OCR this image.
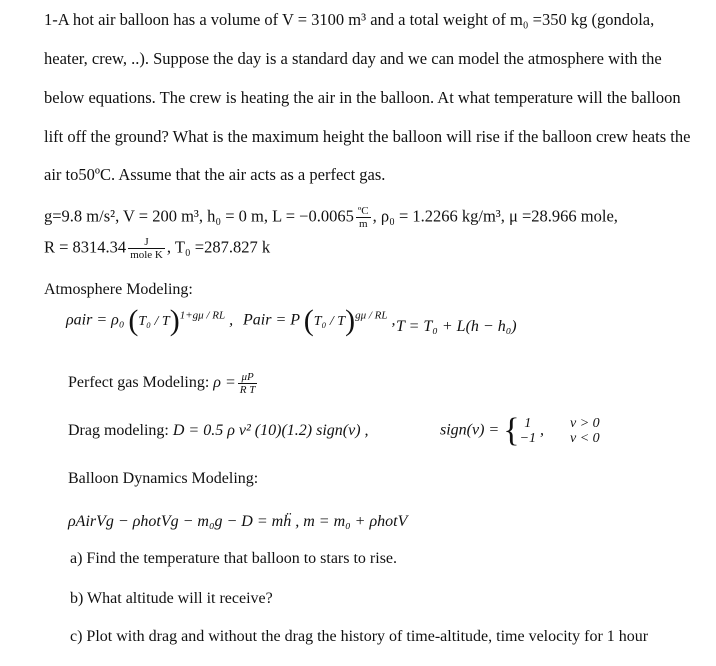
1-A hot air balloon has a volume of V = 3100 m³ and a total weight of m₀ =350 kg (gondola,
heater, crew, ..). Suppose the day is a standard day and we can model the atmosphere with the
below equations. The crew is heating the air in the balloon. At what temperature will the balloon
lift off the ground? What is the maximum height the balloon will rise if the balloon crew heats the
air to50ºC. Assume that the air acts as a perfect gas.
g=9.8 m/s², V = 200 m³, h₀ = 0 m, $L = -0.0065 \frac{\text{ºC}}{m}$ , ρ₀ = 1.2266 kg/m³, μ =28.966 mole,
$R = 8314.34 \frac{J}{\text{mole K}}$ , T₀ =287.827 k
Atmosphere Modeling:
ρair = ρ₀ (T₀ / T)$^{1+g\mu / RL}$ , Pair = P (T₀ / T)$^{g\mu / RL}$ , T = T₀ + L(h − h₀)
Perfect gas Modeling: $\rho = \frac{\mu P}{\text{R T}}$
Drag modeling: D = 0.5 ρ v² (10)(1.2) sign(v) ,	sign(v) = { 1
−1 , v > 0
v < 0
Balloon Dynamics Modeling:
ρAirVg − ρhotVg − m₀g − D = mḧ , m = m₀ + ρhotV
a) Find the temperature that balloon to stars to rise.
b) What altitude will it receive?
c) Plot with drag and without the drag the history of time-altitude, time velocity for 1 hour
